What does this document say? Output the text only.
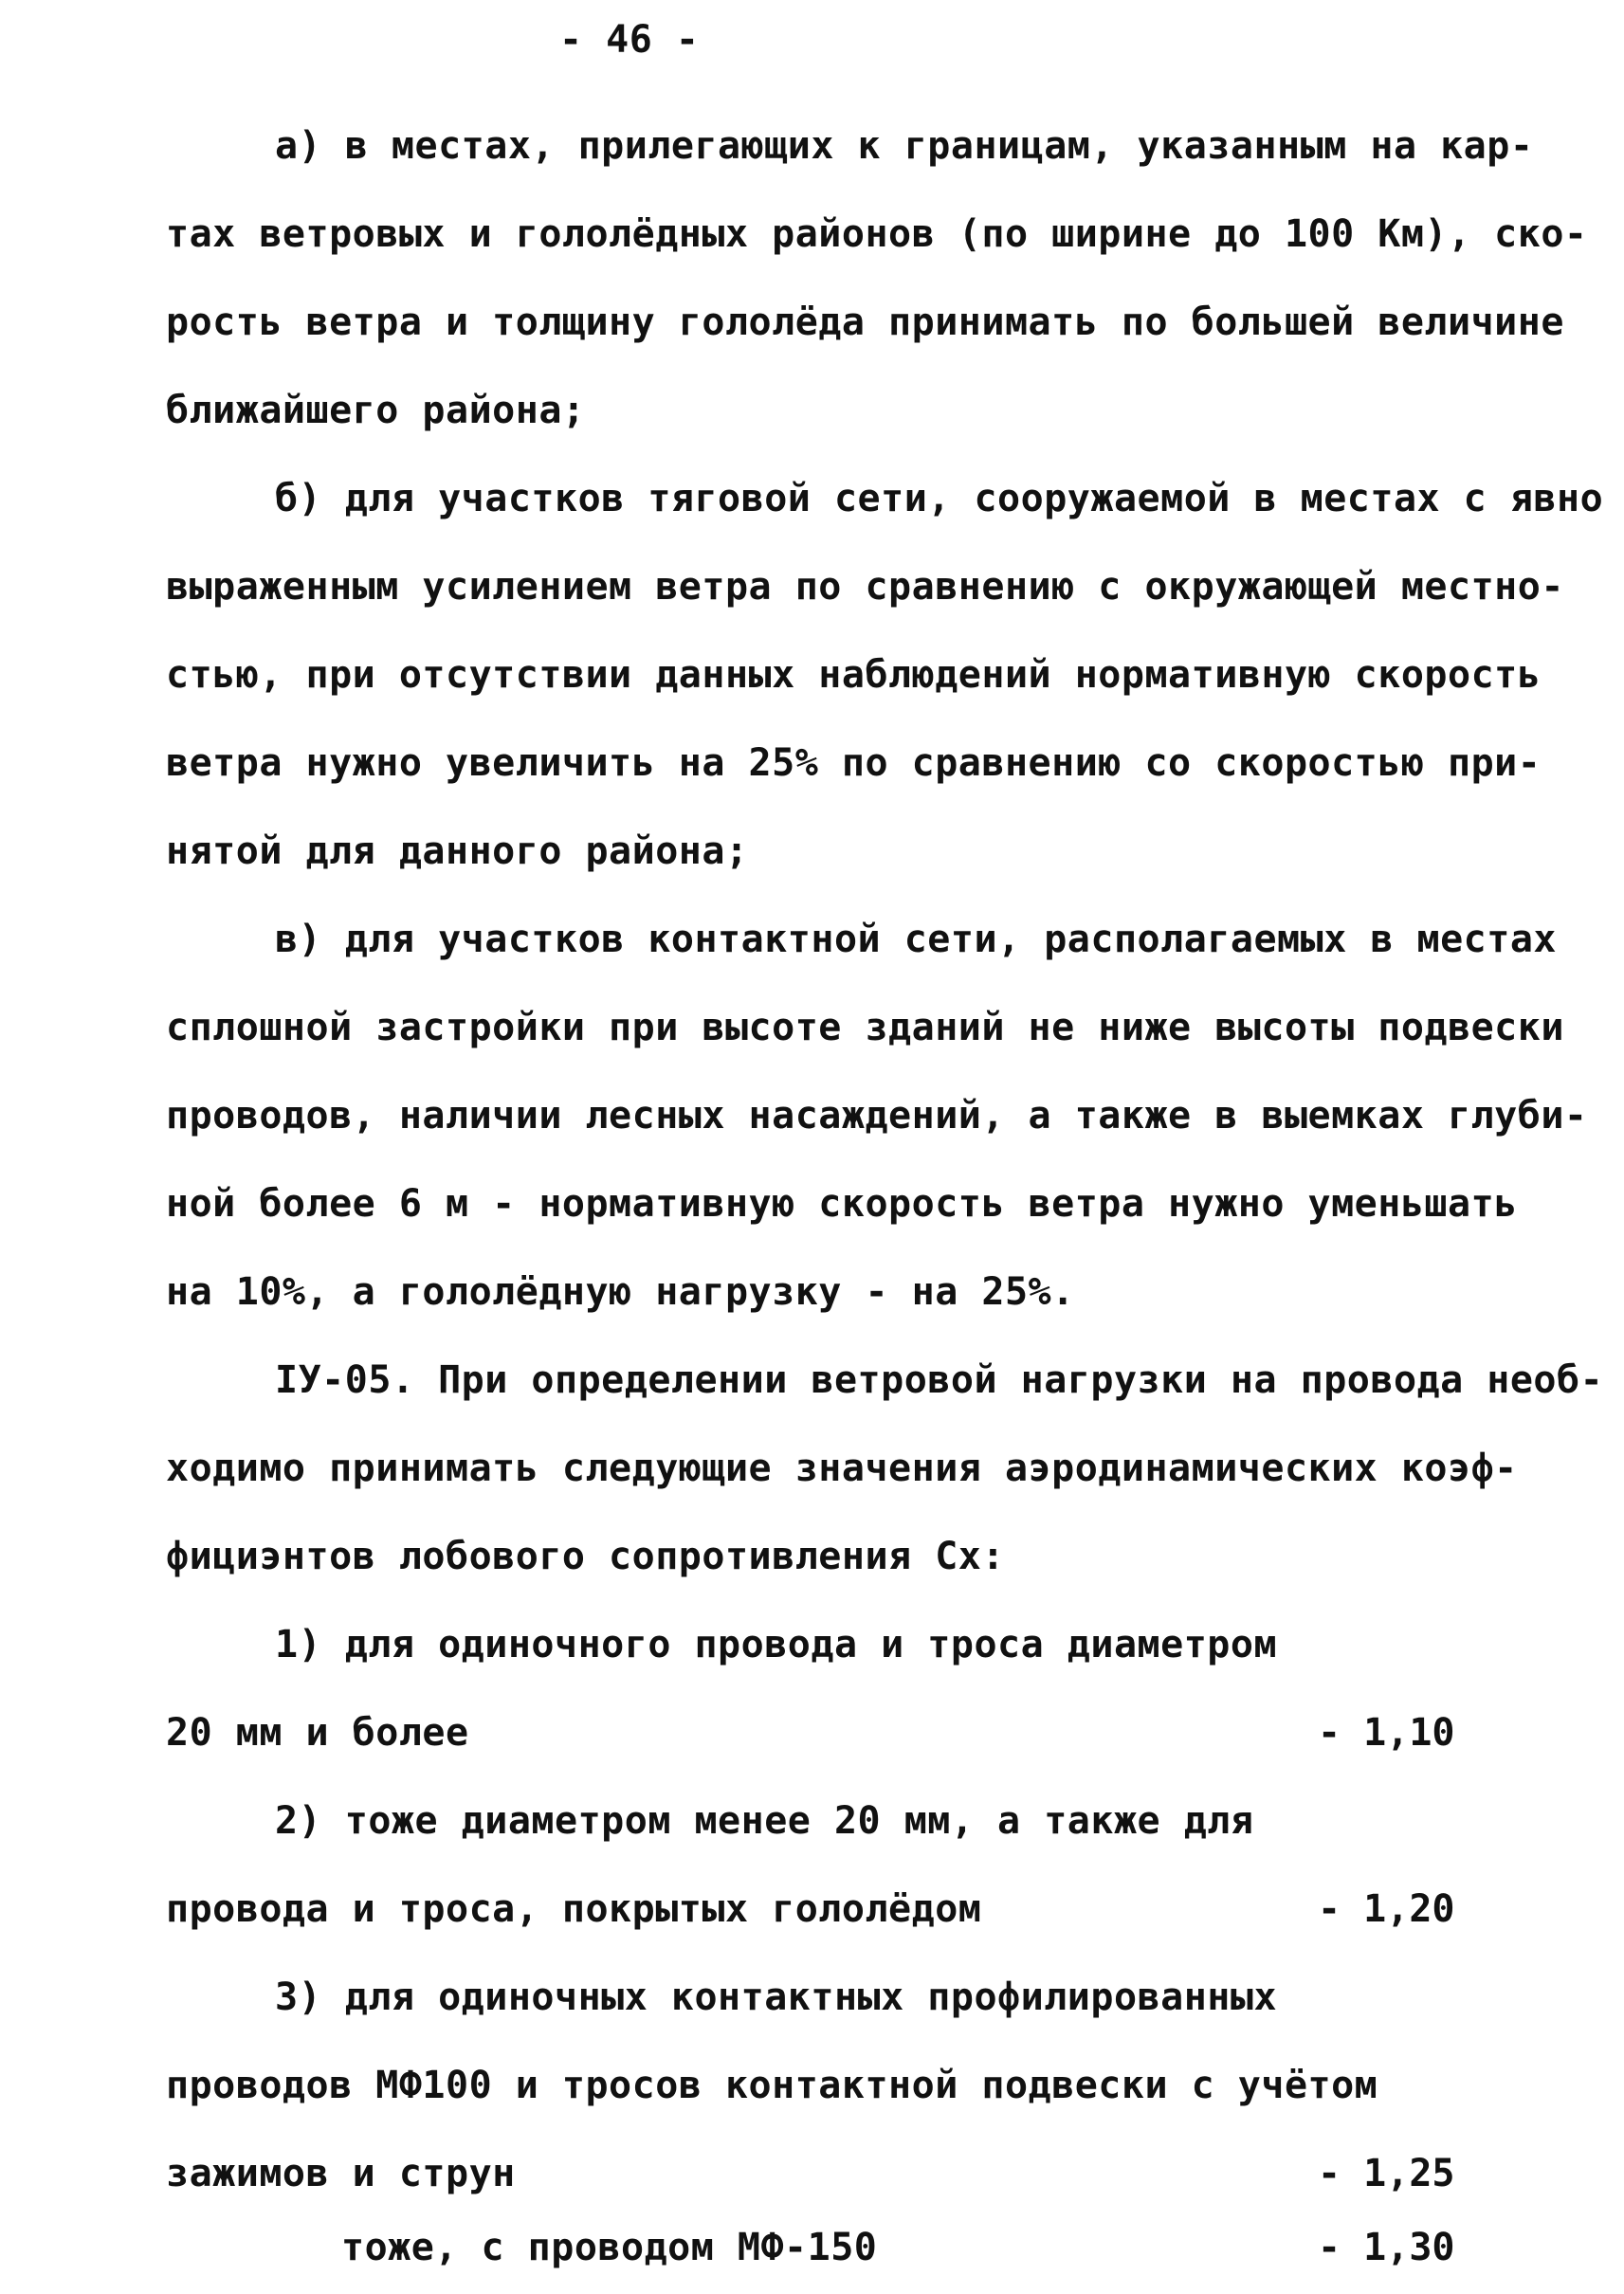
- 46 -
а) в местах, прилегающих к границам, указанным на кар-
тах ветровых и гололёдных районов (по ширине до 100 Км), ско-
рость ветра и толщину гололёда принимать по большей величине
ближайшего района;
б) для участков тяговой сети, сооружаемой в местах с явно
выраженным усилением ветра по сравнению с окружающей местно-
стью, при отсутствии данных наблюдений нормативную скорость
ветра нужно увеличить на 25% по сравнению со скоростью при-
нятой для данного района;
в) для участков контактной сети, располагаемых в местах
сплошной застройки при высоте зданий не ниже высоты подвески
проводов, наличии лесных насаждений, а также в выемках глуби-
ной более 6 м - нормативную скорость ветра нужно уменьшать
на 10%, а гололёдную нагрузку - на 25%.
IУ-05. При определении ветровой нагрузки на провода необ-
ходимо принимать следующие значения аэродинамических коэф-
фициэнтов лобового сопротивления Cx:
1) для одиночного провода и троса диаметром
20 мм и более	- 1,10
2) тоже диаметром менее 20 мм, а также для
провода и троса, покрытых гололёдом	- 1,20
3) для одиночных контактных профилированных
проводов МФ100 и тросов контактной подвески с учётом
зажимов и струн	- 1,25
тоже, с проводом МФ-150	- 1,30
